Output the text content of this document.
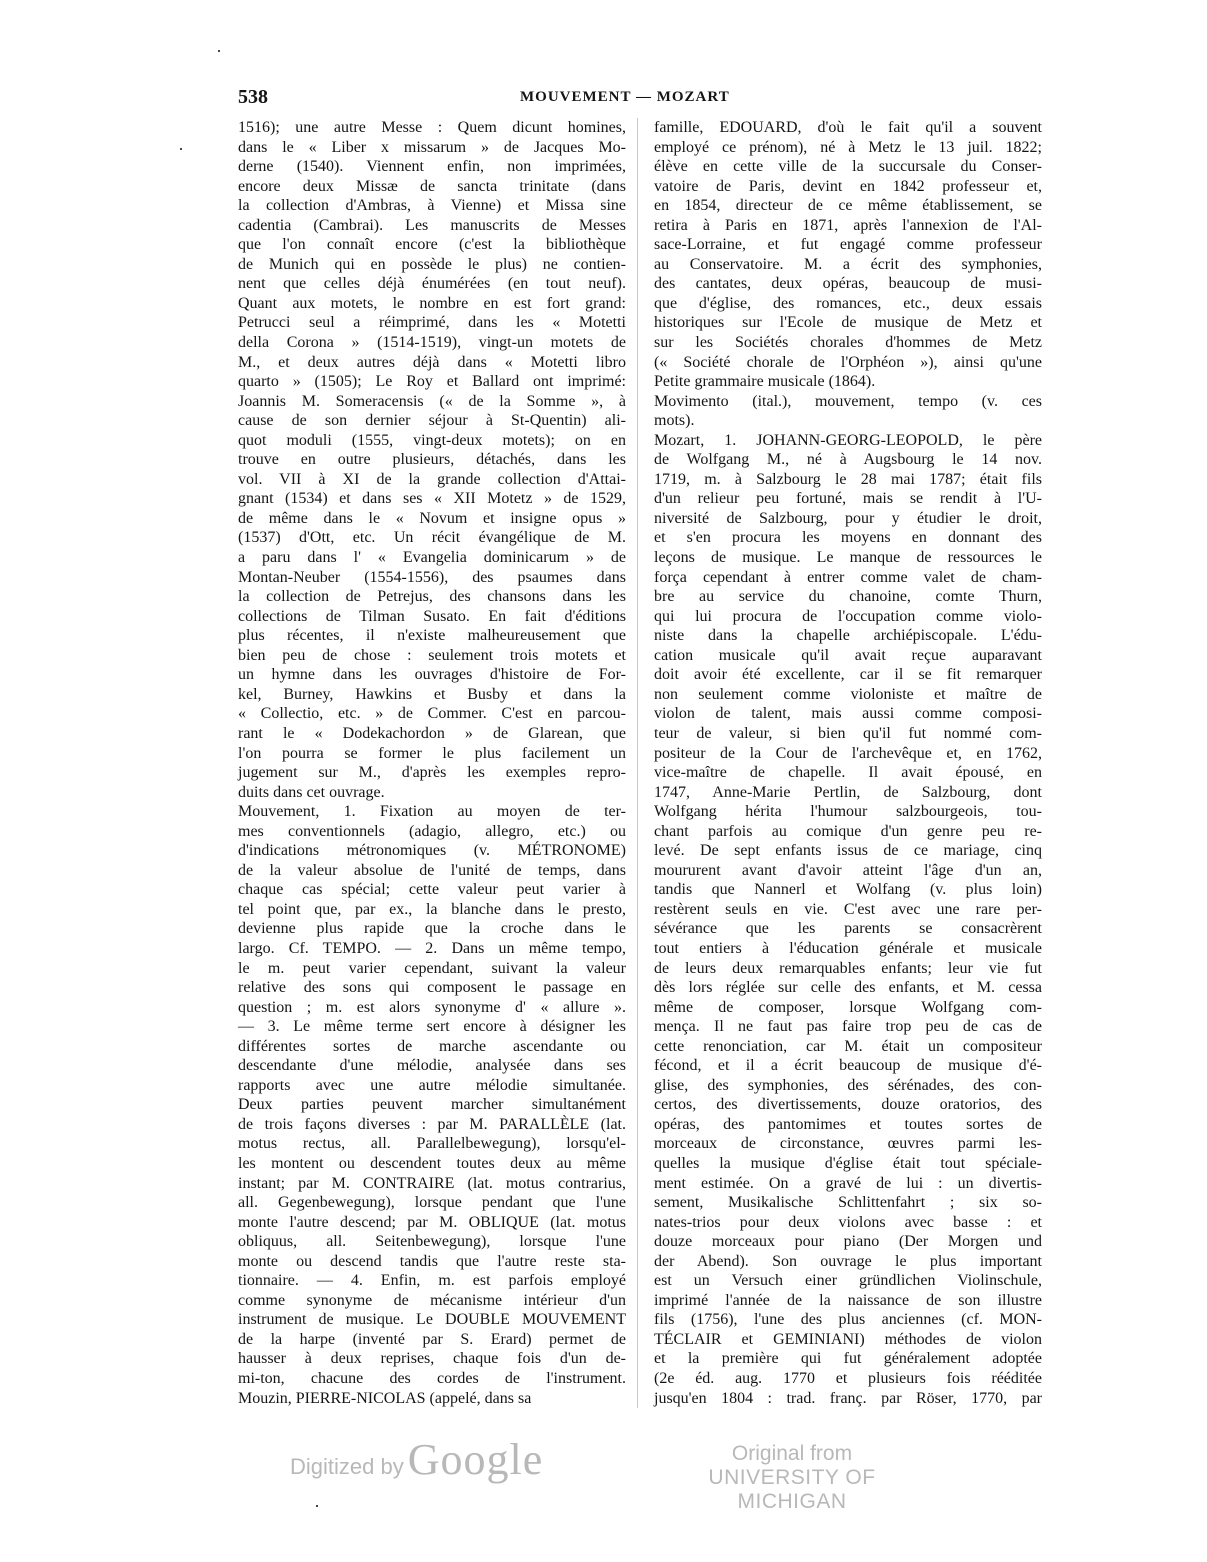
538	MOUVEMENT — MOZART
1516); une autre Messe : Quem dicunt homines,
dans le « Liber x missarum » de Jacques Mo-
derne (1540). Viennent enfin, non imprimées,
encore deux Missæ de sancta trinitate (dans
la collection d'Ambras, à Vienne) et Missa sine
cadentia (Cambrai). Les manuscrits de Messes
que l'on connaît encore (c'est la bibliothèque
de Munich qui en possède le plus) ne contien-
nent que celles déjà énumérées (en tout neuf).
Quant aux motets, le nombre en est fort grand:
Petrucci seul a réimprimé, dans les « Motetti
della Corona » (1514-1519), vingt-un motets de
M., et deux autres déjà dans « Motetti libro
quarto » (1505); Le Roy et Ballard ont imprimé:
Joannis M. Someracensis (« de la Somme », à
cause de son dernier séjour à St-Quentin) ali-
quot moduli (1555, vingt-deux motets); on en
trouve en outre plusieurs, détachés, dans les
vol. VII à XI de la grande collection d'Attai-
gnant (1534) et dans ses « XII Motetz » de 1529,
de même dans le « Novum et insigne opus »
(1537) d'Ott, etc. Un récit évangélique de M.
a paru dans l' « Evangelia dominicarum » de
Montan-Neuber (1554-1556), des psaumes dans
la collection de Petrejus, des chansons dans les
collections de Tilman Susato. En fait d'éditions
plus récentes, il n'existe malheureusement que
bien peu de chose : seulement trois motets et
un hymne dans les ouvrages d'histoire de For-
kel, Burney, Hawkins et Busby et dans la
« Collectio, etc. » de Commer. C'est en parcou-
rant le « Dodekachordon » de Glarean, que
l'on pourra se former le plus facilement un
jugement sur M., d'après les exemples repro-
duits dans cet ouvrage.
Mouvement, 1. Fixation au moyen de ter-
mes conventionnels (adagio, allegro, etc.) ou
d'indications métronomiques (v. MÉTRONOME)
de la valeur absolue de l'unité de temps, dans
chaque cas spécial; cette valeur peut varier à
tel point que, par ex., la blanche dans le presto,
devienne plus rapide que la croche dans le
largo. Cf. TEMPO. — 2. Dans un même tempo,
le m. peut varier cependant, suivant la valeur
relative des sons qui composent le passage en
question ; m. est alors synonyme d' « allure ».
— 3. Le même terme sert encore à désigner les
différentes sortes de marche ascendante ou
descendante d'une mélodie, analysée dans ses
rapports avec une autre mélodie simultanée.
Deux parties peuvent marcher simultanément
de trois façons diverses : par M. PARALLÈLE (lat.
motus rectus, all. Parallelbewegung), lorsqu'el-
les montent ou descendent toutes deux au même
instant; par M. CONTRAIRE (lat. motus contrarius,
all. Gegenbewegung), lorsque pendant que l'une
monte l'autre descend; par M. OBLIQUE (lat. motus
obliquus, all. Seitenbewegung), lorsque l'une
monte ou descend tandis que l'autre reste sta-
tionnaire. — 4. Enfin, m. est parfois employé
comme synonyme de mécanisme intérieur d'un
instrument de musique. Le DOUBLE MOUVEMENT
de la harpe (inventé par S. Erard) permet de
hausser à deux reprises, chaque fois d'un de-
mi-ton, chacune des cordes de l'instrument.
Mouzin, PIERRE-NICOLAS (appelé, dans sa
famille, EDOUARD, d'où le fait qu'il a souvent
employé ce prénom), né à Metz le 13 juil. 1822;
élève en cette ville de la succursale du Conser-
vatoire de Paris, devint en 1842 professeur et,
en 1854, directeur de ce même établissement, se
retira à Paris en 1871, après l'annexion de l'Al-
sace-Lorraine, et fut engagé comme professeur
au Conservatoire. M. a écrit des symphonies,
des cantates, deux opéras, beaucoup de musi-
que d'église, des romances, etc., deux essais
historiques sur l'Ecole de musique de Metz et
sur les Sociétés chorales d'hommes de Metz
(« Société chorale de l'Orphéon »), ainsi qu'une
Petite grammaire musicale (1864).
Movimento (ital.), mouvement, tempo (v. ces
mots).
Mozart, 1. JOHANN-GEORG-LEOPOLD, le père
de Wolfgang M., né à Augsbourg le 14 nov.
1719, m. à Salzbourg le 28 mai 1787; était fils
d'un relieur peu fortuné, mais se rendit à l'U-
niversité de Salzbourg, pour y étudier le droit,
et s'en procura les moyens en donnant des
leçons de musique. Le manque de ressources le
força cependant à entrer comme valet de cham-
bre au service du chanoine, comte Thurn,
qui lui procura de l'occupation comme violo-
niste dans la chapelle archiépiscopale. L'édu-
cation musicale qu'il avait reçue auparavant
doit avoir été excellente, car il se fit remarquer
non seulement comme violoniste et maître de
violon de talent, mais aussi comme composi-
teur de valeur, si bien qu'il fut nommé com-
positeur de la Cour de l'archevêque et, en 1762,
vice-maître de chapelle. Il avait épousé, en
1747, Anne-Marie Pertlin, de Salzbourg, dont
Wolfgang hérita l'humour salzbourgeois, tou-
chant parfois au comique d'un genre peu re-
levé. De sept enfants issus de ce mariage, cinq
moururent avant d'avoir atteint l'âge d'un an,
tandis que Nannerl et Wolfang (v. plus loin)
restèrent seuls en vie. C'est avec une rare per-
sévérance que les parents se consacrèrent
tout entiers à l'éducation générale et musicale
de leurs deux remarquables enfants; leur vie fut
dès lors réglée sur celle des enfants, et M. cessa
même de composer, lorsque Wolfgang com-
mença. Il ne faut pas faire trop peu de cas de
cette renonciation, car M. était un compositeur
fécond, et il a écrit beaucoup de musique d'é-
glise, des symphonies, des sérénades, des con-
certos, des divertissements, douze oratorios, des
opéras, des pantomimes et toutes sortes de
morceaux de circonstance, œuvres parmi les-
quelles la musique d'église était tout spéciale-
ment estimée. On a gravé de lui : un divertis-
sement, Musikalische Schlittenfahrt ; six so-
nates-trios pour deux violons avec basse : et
douze morceaux pour piano (Der Morgen und
der Abend). Son ouvrage le plus important
est un Versuch einer gründlichen Violinschule,
imprimé l'année de la naissance de son illustre
fils (1756), l'une des plus anciennes (cf. MON-
TÉCLAIR et GEMINIANI) méthodes de violon
et la première qui fut généralement adoptée
(2e éd. aug. 1770 et plusieurs fois rééditée
jusqu'en 1804 : trad. franç. par Röser, 1770, par
Digitized by Google	Original from
UNIVERSITY OF MICHIGAN
